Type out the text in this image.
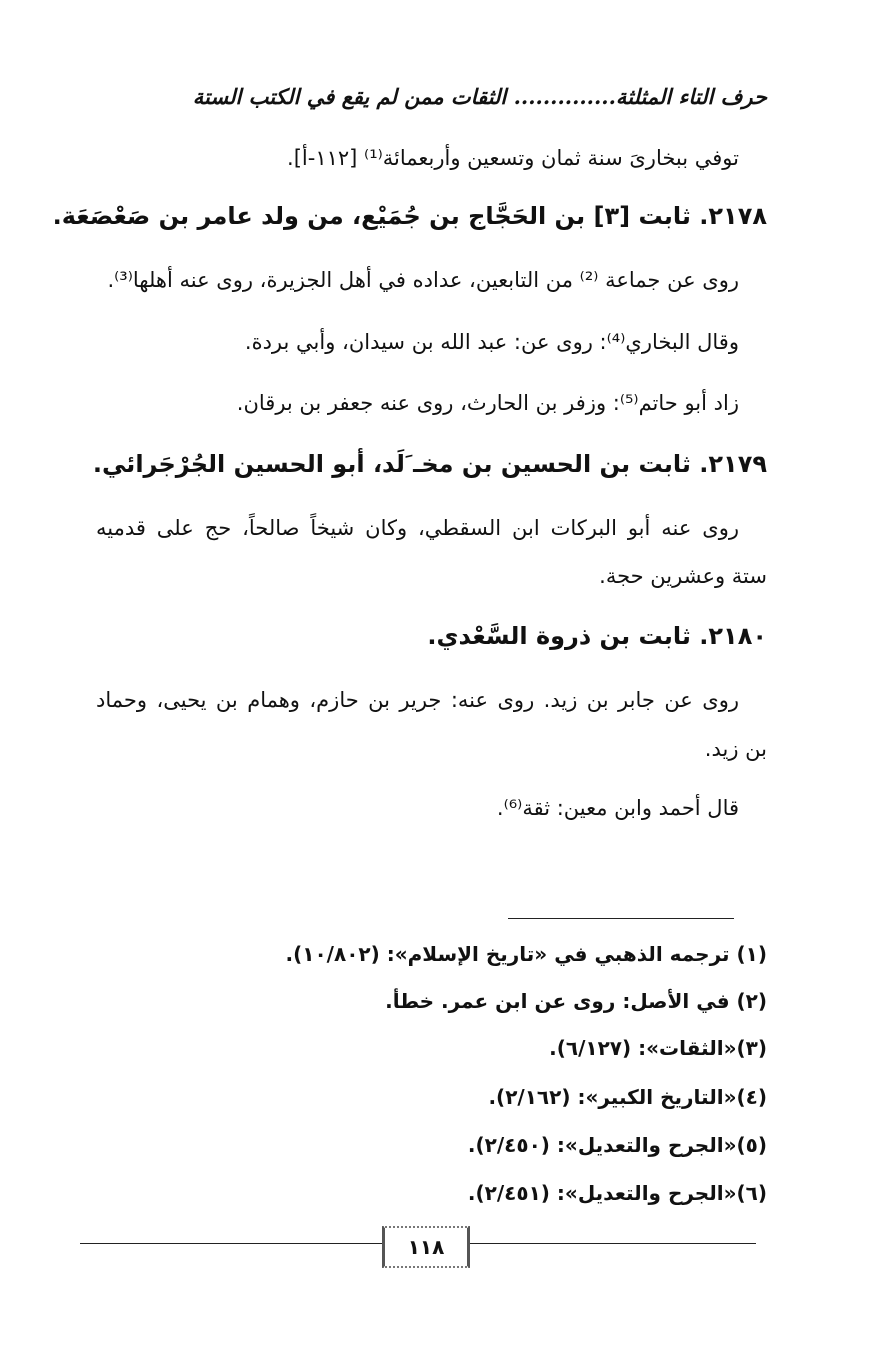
حرف التاء المثلثة.............. الثقات ممن لم يقع في الكتب الستة
توفي ببخارىَ سنة ثمان وتسعين وأربعمائة⁽¹⁾ [١١٢-أ].
٢١٧٨. ثابت [٣] بن الحَجَّاج بن جُمَيْع، من ولد عامر بن صَعْصَعَة.
روى عن جماعة ⁽²⁾ من التابعين، عداده في أهل الجزيرة، روى عنه أهلها⁽³⁾.
وقال البخاري⁽⁴⁾: روى عن: عبد الله بن سيدان، وأبي بردة.
زاد أبو حاتم⁽⁵⁾: وزفر بن الحارث، روى عنه جعفر بن برقان.
٢١٧٩. ثابت بن الحسين بن مخـ َلَد، أبو الحسين الجُرْجَرائي.
روى عنه أبو البركات ابن السقطي، وكان شيخاً صالحاً، حج على قدميه
ستة وعشرين حجة.
٢١٨٠. ثابت بن ذروة السَّعْدي.
روى عن جابر بن زيد. روى عنه: جرير بن حازم، وهمام بن يحيى، وحماد
بن زيد.
قال أحمد وابن معين: ثقة⁽⁶⁾.
(١) ترجمه الذهبي في «تاريخ الإسلام»: (١٠/٨٠٢).
(٢) في الأصل: روى عن ابن عمر. خطأ.
(٣)«الثقات»: (٦/١٢٧).
(٤)«التاريخ الكبير»: (٢/١٦٢).
(٥)«الجرح والتعديل»: (٢/٤٥٠).
(٦)«الجرح والتعديل»: (٢/٤٥١).
١١٨
